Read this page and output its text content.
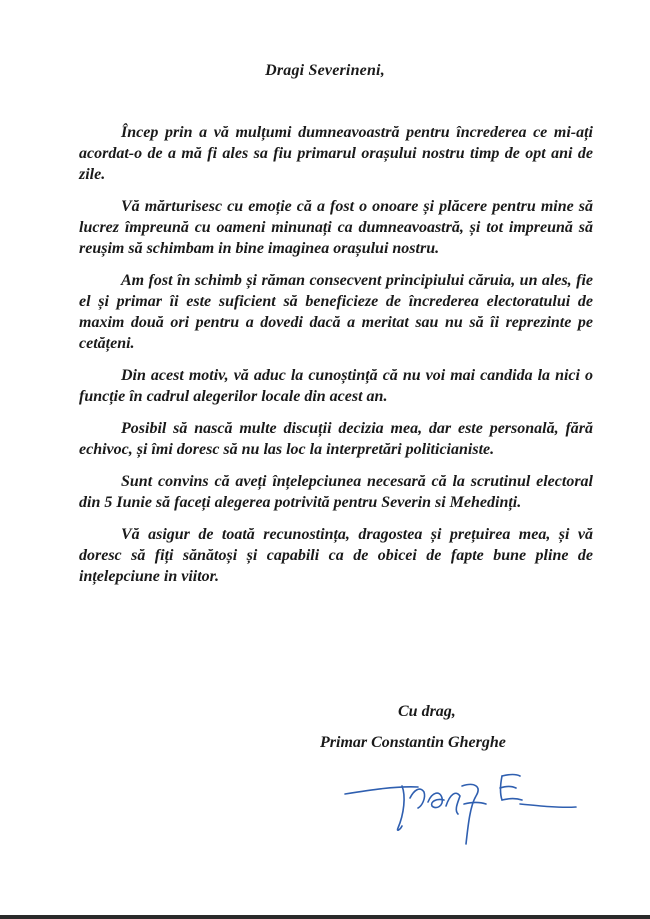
Dragi Severineni,

Încep prin a vă mulțumi dumneavoastră pentru încrederea ce mi-ați acordat-o de a mă fi ales sa fiu primarul orașului nostru timp de opt ani de zile.

Vă mărturisesc cu emoție că a fost o onoare și plăcere pentru mine să lucrez împreună cu oameni minunați ca dumneavoastră, și tot impreună să reușim să schimbam in bine imaginea orașului nostru.

Am fost în schimb și răman consecvent principiului căruia, un ales, fie el și primar îi este suficient să beneficieze de încrederea electoratului de maxim două ori pentru a dovedi dacă a meritat sau nu să îi reprezinte pe cetățeni.

Din acest motiv, vă aduc la cunoștință că nu voi mai candida la nici o funcție în cadrul alegerilor locale din acest an.

Posibil să nască multe discuții decizia mea, dar este personală, fără echivoc, și îmi doresc să nu las loc la interpretări politicianiste.

Sunt convins că aveți înțelepciunea necesară că la scrutinul electoral din 5 Iunie să faceți alegerea potrivită pentru Severin si Mehedinți.

Vă asigur de toată recunostința, dragostea și prețuirea mea, și vă doresc să fiți sănătoși și capabili ca de obicei de fapte bune pline de ințelepciune in viitor.

Cu drag,
Primar Constantin Gherghe
